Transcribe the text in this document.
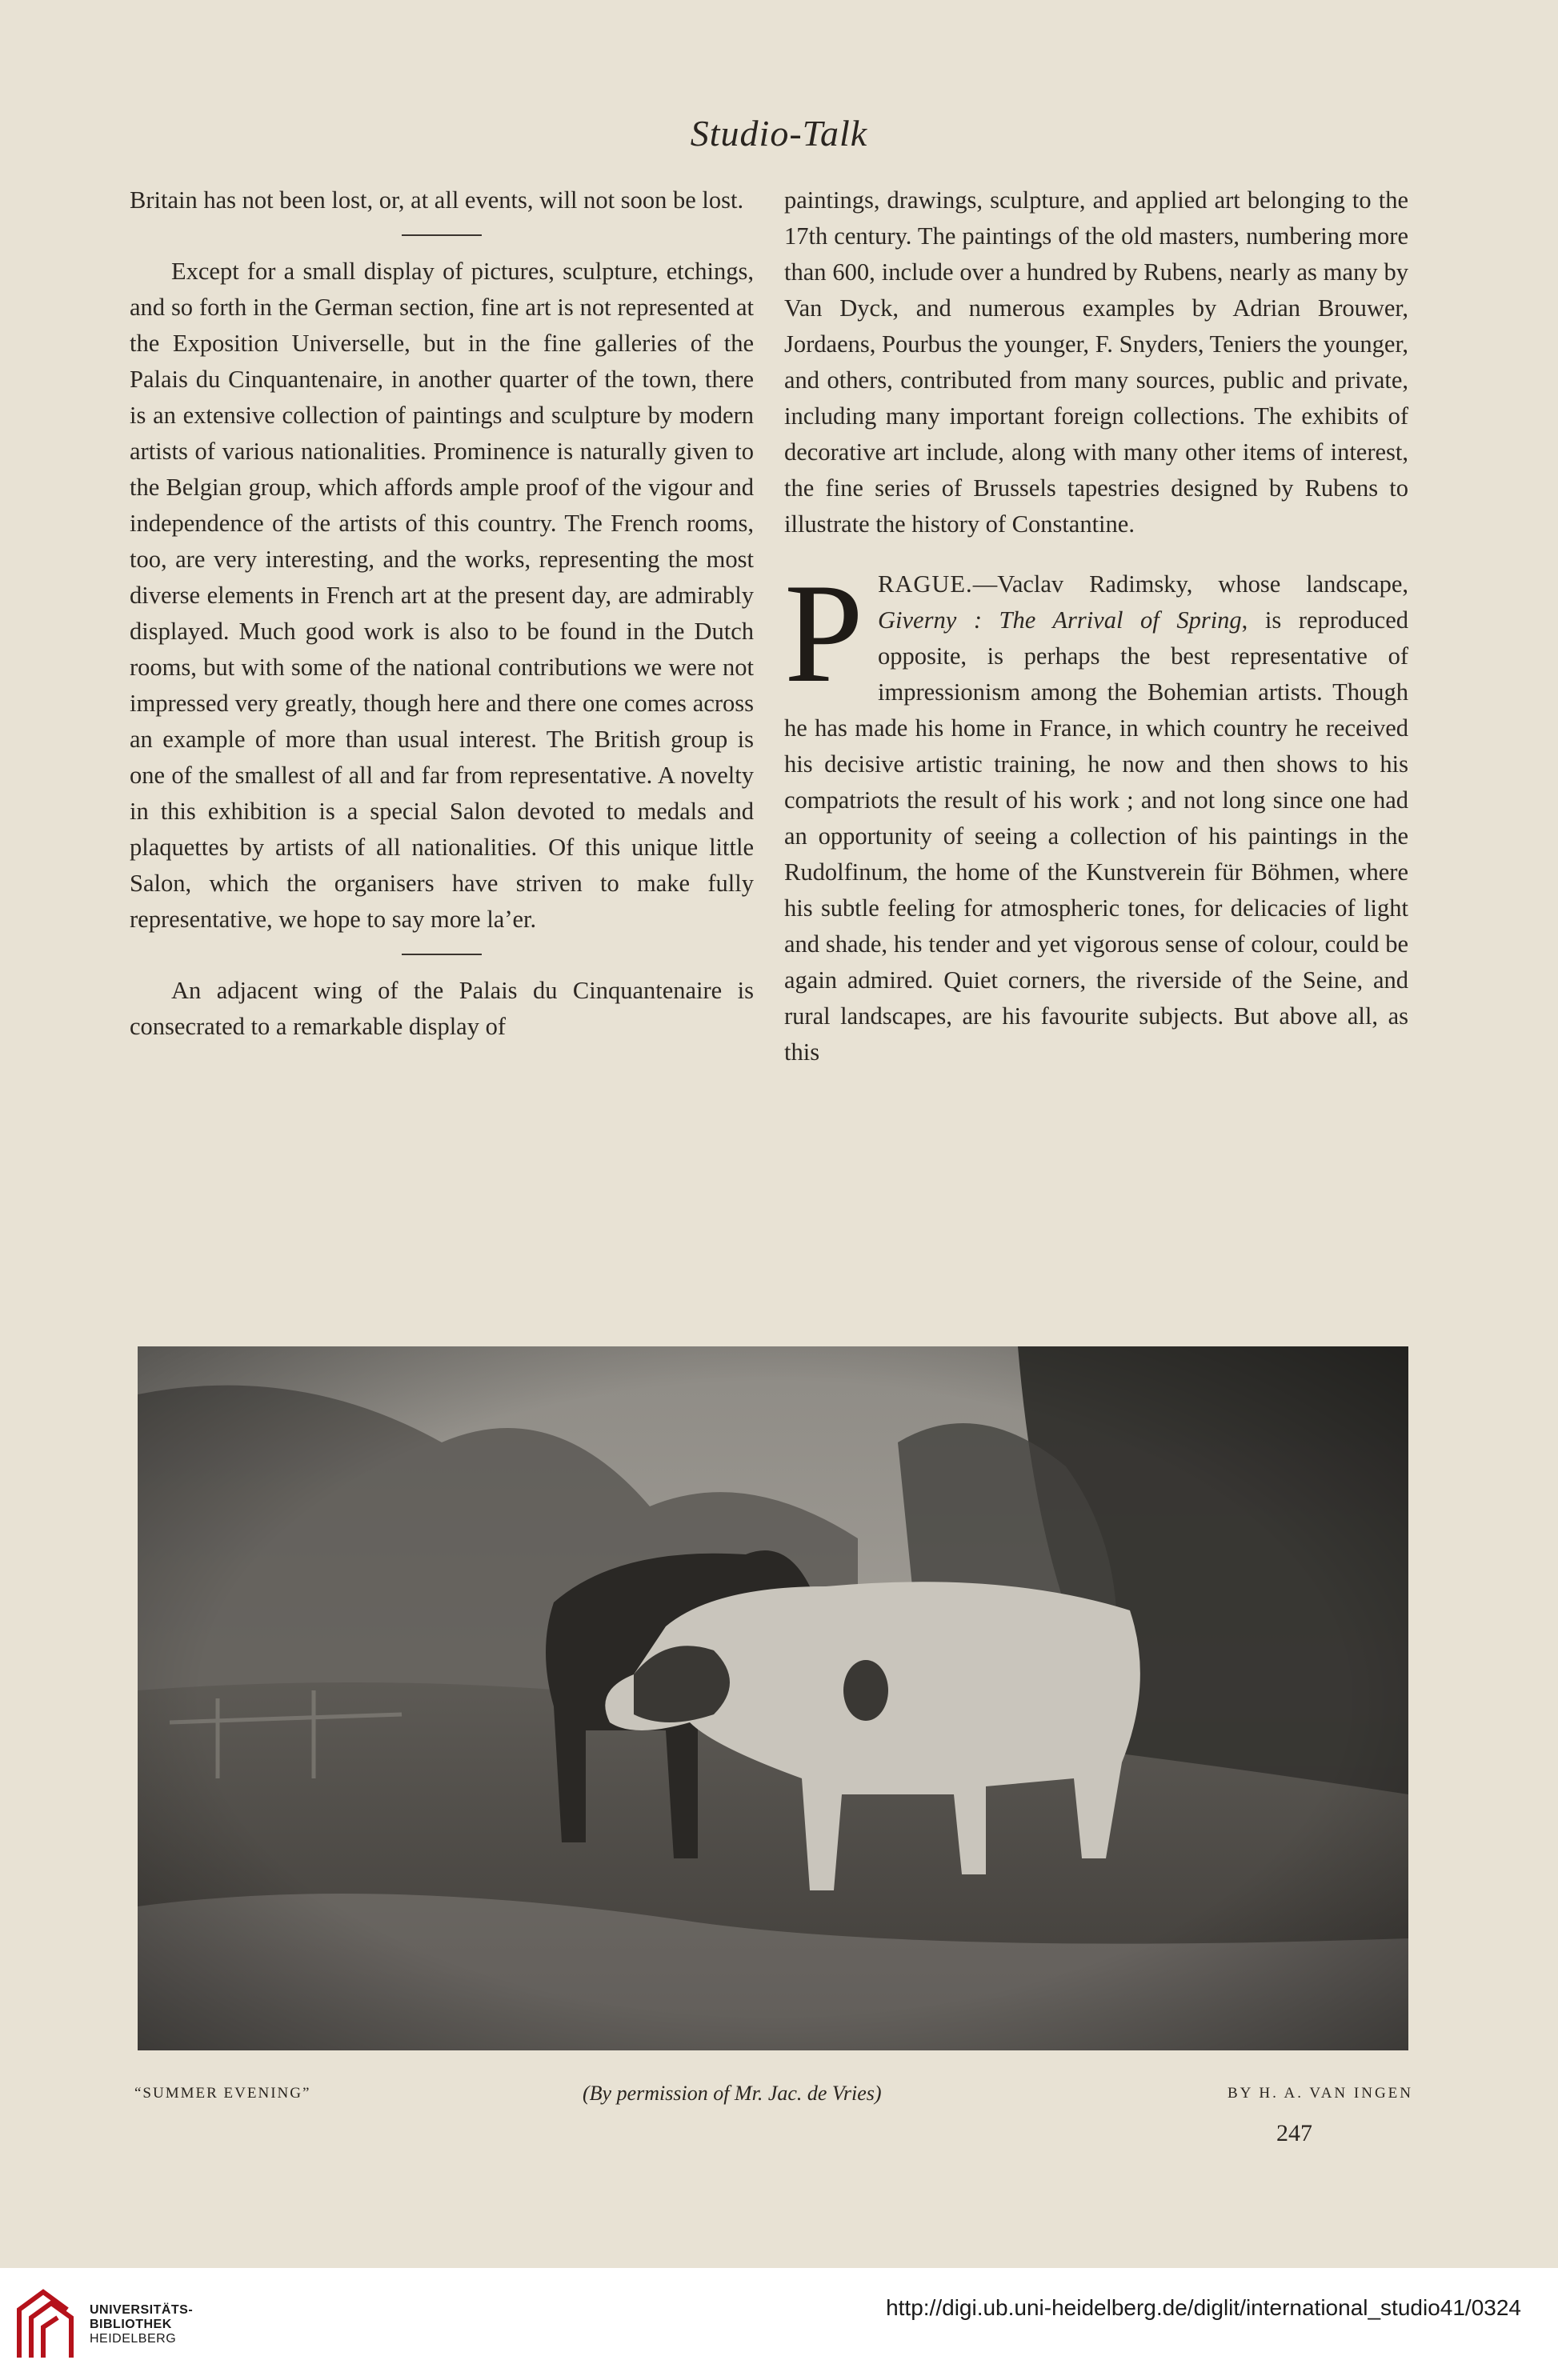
Studio-Talk

Britain has not been lost, or, at all events, will not soon be lost.

Except for a small display of pictures, sculpture, etchings, and so forth in the German section, fine art is not represented at the Exposition Universelle, but in the fine galleries of the Palais du Cinquantenaire, in another quarter of the town, there is an extensive collection of paintings and sculpture by modern artists of various nationalities. Prominence is naturally given to the Belgian group, which affords ample proof of the vigour and independence of the artists of this country. The French rooms, too, are very interesting, and the works, representing the most diverse elements in French art at the present day, are admirably displayed. Much good work is also to be found in the Dutch rooms, but with some of the national contributions we were not impressed very greatly, though here and there one comes across an example of more than usual interest. The British group is one of the smallest of all and far from representative. A novelty in this exhibition is a special Salon devoted to medals and plaquettes by artists of all nationalities. Of this unique little Salon, which the organisers have striven to make fully representative, we hope to say more laʼer.

An adjacent wing of the Palais du Cinquantenaire is consecrated to a remarkable display of

paintings, drawings, sculpture, and applied art belonging to the 17th century. The paintings of the old masters, numbering more than 600, include over a hundred by Rubens, nearly as many by Van Dyck, and numerous examples by Adrian Brouwer, Jordaens, Pourbus the younger, F. Snyders, Teniers the younger, and others, contributed from many sources, public and private, including many important foreign collections. The exhibits of decorative art include, along with many other items of interest, the fine series of Brussels tapestries designed by Rubens to illustrate the history of Constantine.

PRAGUE.—Vaclav Radimsky, whose landscape, Giverny : The Arrival of Spring, is reproduced opposite, is perhaps the best representative of impressionism among the Bohemian artists. Though he has made his home in France, in which country he received his decisive artistic training, he now and then shows to his compatriots the result of his work ; and not long since one had an opportunity of seeing a collection of his paintings in the Rudolfinum, the home of the Kunstverein für Böhmen, where his subtle feeling for atmospheric tones, for delicacies of light and shade, his tender and yet vigorous sense of colour, could be again admired. Quiet corners, the riverside of the Seine, and rural landscapes, are his favourite subjects. But above all, as this

“SUMMER EVENING”	(By permission of Mr. Jac. de Vries)	BY H. A. VAN INGEN
247
UNIVERSITÄTS-
BIBLIOTHEK
HEIDELBERG
http://digi.ub.uni-heidelberg.de/diglit/international_studio41/0324
